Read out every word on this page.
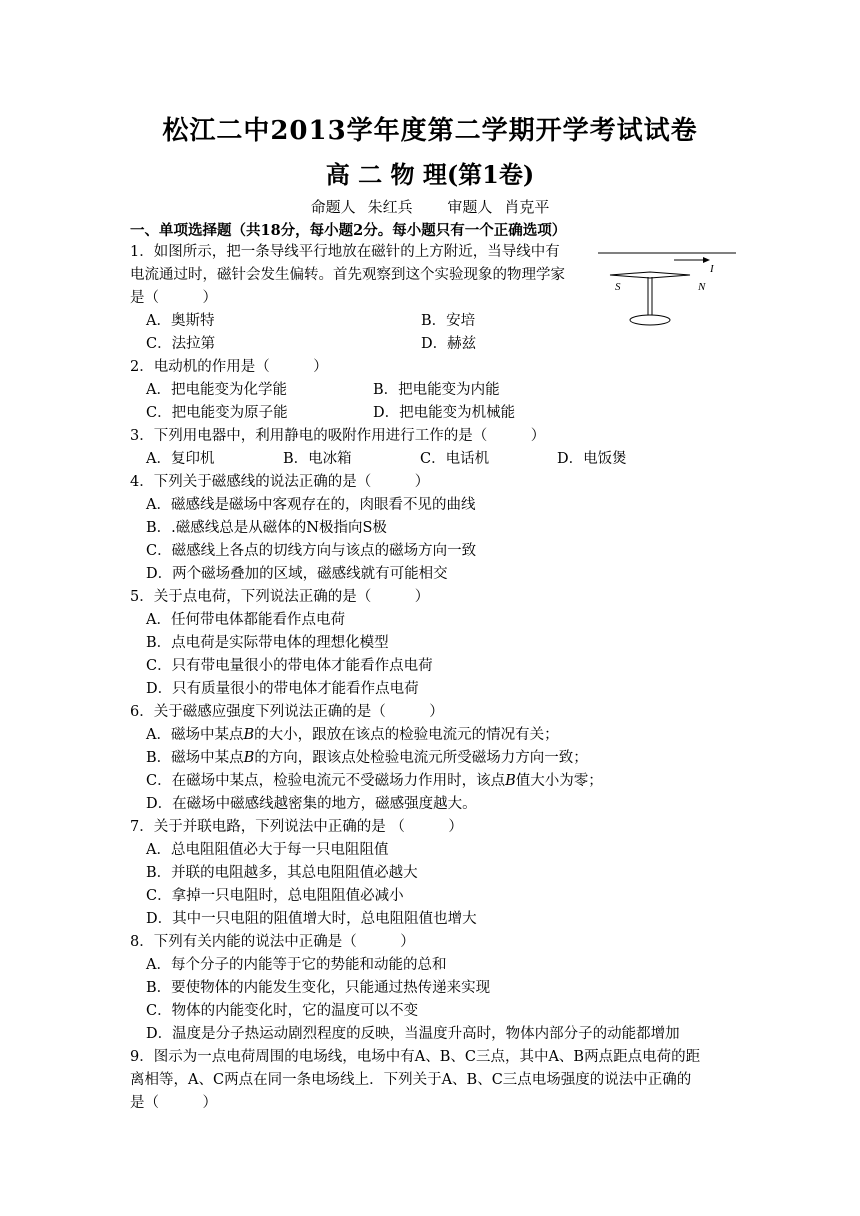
松江二中2013学年度第二学期开学考试试卷
高 二 物 理(第1卷)
命题人 朱红兵 审题人 肖克平
一、单项选择题（共18分，每小题2分。每小题只有一个正确选项）
I
S	N
1．如图所示，把一条导线平行地放在磁针的上方附近，当导线中有
电流通过时，磁针会发生偏转。首先观察到这个实验现象的物理学家
是（　　　）
A．奥斯特	B．安培
C．法拉第	D．赫兹
2．电动机的作用是（　　　）
A．把电能变为化学能	B．把电能变为内能
C．把电能变为原子能	D．把电能变为机械能
3．下列用电器中，利用静电的吸附作用进行工作的是（　　　）
A．复印机	B．电冰箱	C．电话机	D．电饭煲
4．下列关于磁感线的说法正确的是（　　　）
A．磁感线是磁场中客观存在的，肉眼看不见的曲线
B．.磁感线总是从磁体的N极指向S极
C．磁感线上各点的切线方向与该点的磁场方向一致
D．两个磁场叠加的区域，磁感线就有可能相交
5．关于点电荷，下列说法正确的是（　　　）
A．任何带电体都能看作点电荷
B．点电荷是实际带电体的理想化模型
C．只有带电量很小的带电体才能看作点电荷
D．只有质量很小的带电体才能看作点电荷
6．关于磁感应强度下列说法正确的是（　　　）
A．磁场中某点B的大小，跟放在该点的检验电流元的情况有关；
B．磁场中某点B的方向，跟该点处检验电流元所受磁场力方向一致；
C．在磁场中某点，检验电流元不受磁场力作用时，该点B值大小为零；
D．在磁场中磁感线越密集的地方，磁感强度越大。
7．关于并联电路，下列说法中正确的是 （　　　）
A．总电阻阻值必大于每一只电阻阻值
B．并联的电阻越多，其总电阻阻值必越大
C．拿掉一只电阻时，总电阻阻值必减小
D．其中一只电阻的阻值增大时，总电阻阻值也增大
8．下列有关内能的说法中正确是（　　　）
A．每个分子的内能等于它的势能和动能的总和
B．要使物体的内能发生变化，只能通过热传递来实现
C．物体的内能变化时，它的温度可以不变
D．温度是分子热运动剧烈程度的反映，当温度升高时，物体内部分子的动能都增加
9．图示为一点电荷周围的电场线，电场中有A、B、C三点，其中A、B两点距点电荷的距
离相等，A、C两点在同一条电场线上．下列关于A、B、C三点电场强度的说法中正确的
是（　　　）
